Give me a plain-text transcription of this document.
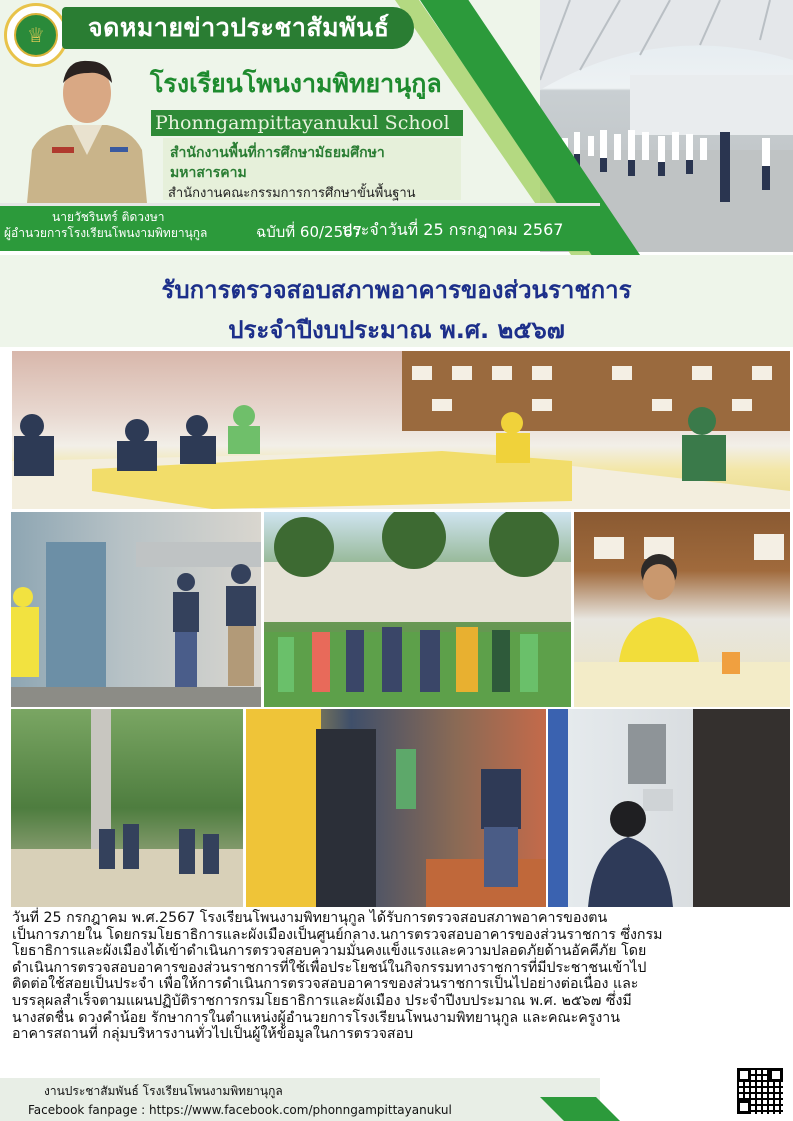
♕	จดหมายข่าวประชาสัมพันธ์
โรงเรียนโพนงามพิทยานุกูล
Phonngampittayanukul School
สำนักงานพื้นที่การศึกษามัธยมศึกษา
มหาสารคาม
สำนักงานคณะกรรมการการศึกษาขั้นพื้นฐาน
นายวัชรินทร์ ติดวงษา
ผู้อำนวยการโรงเรียนโพนงามพิทยานุกูล	ฉบับที่ 60/2567
ประจำวันที่ 25 กรกฎาคม 2567
รับการตรวจสอบสภาพอาคารของส่วนราชการ
ประจำปีงบประมาณ พ.ศ. ๒๕๖๗

วันที่ 25 กรกฎาคม พ.ศ.2567 โรงเรียนโพนงามพิทยานุกูล ได้รับการตรวจสอบสภาพอาคารของตน

เป็นการภายใน โดยกรมโยธาธิการและผังเมืองเป็นศูนย์กลาง.นการตรวจสอบอาคารของส่วนราชการ ซึ่งกรม

โยธาธิการและผังเมืองได้เข้าดำเนินการตรวจสอบความมั่นคงแข็งแรงและความปลอดภัยด้านอัคคีภัย โดย

ดำเนินการตรวจสอบอาคารของส่วนราชการที่ใช้เพื่อประโยชน์ในกิจกรรมทางราชการที่มีประชาชนเข้าไป

ติดต่อใช้สอยเป็นประจำ เพื่อให้การดำเนินการตรวจสอบอาคารของส่วนราชการเป็นไปอย่างต่อเนื่อง และ

บรรลุผลสำเร็จตามแผนปฏิบัติราชการกรมโยธาธิการและผังเมือง ประจำปีงบประมาณ พ.ศ. ๒๕๖๗ ซึ่งมี

นางสดชื่น ดวงคำน้อย รักษาการในตำแหน่งผู้อำนวยการโรงเรียนโพนงามพิทยานุกูล และคณะครูงาน

อาคารสถานที่ กลุ่มบริหารงานทั่วไปเป็นผู้ให้ข้อมูลในการตรวจสอบ

งานประชาสัมพันธ์ โรงเรียนโพนงามพิทยานุกูล
Facebook fanpage : https://www.facebook.com/phonngampittayanukul
